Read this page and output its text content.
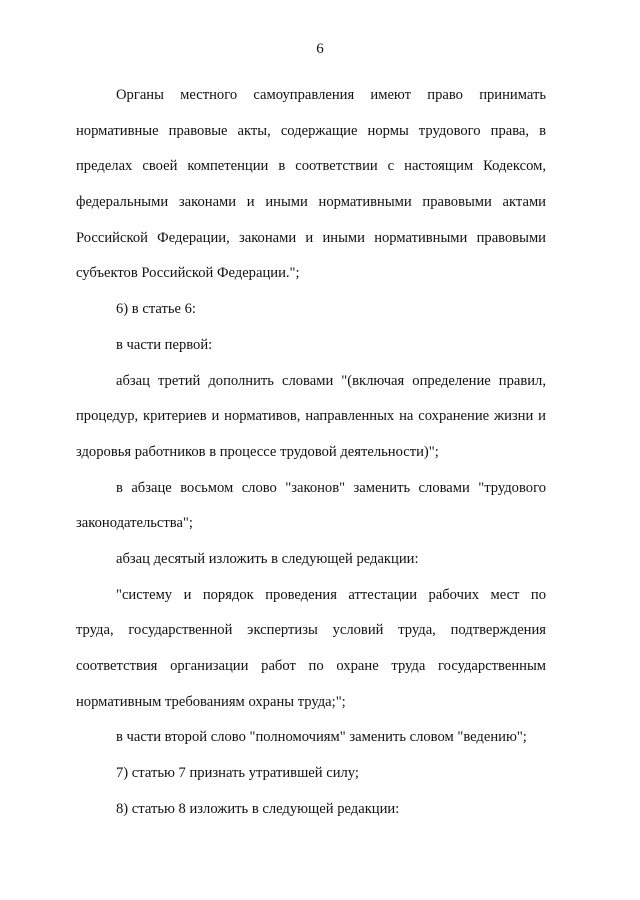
6
Органы местного самоуправления имеют право принимать
нормативные правовые акты, содержащие нормы трудового права, в
пределах своей компетенции в соответствии с настоящим Кодексом,
федеральными законами и иными нормативными правовыми актами
Российской Федерации, законами и иными нормативными правовыми
субъектов Российской Федерации.";
6) в статье 6:
в части первой:
абзац третий дополнить словами "(включая определение правил,
процедур, критериев и нормативов, направленных на сохранение жизни и
здоровья работников в процессе трудовой деятельности)";
в абзаце восьмом слово "законов" заменить словами "трудового
законодательства";
абзац десятый изложить в следующей редакции:
"систему и порядок проведения аттестации рабочих мест по
труда, государственной экспертизы условий труда, подтверждения
соответствия организации работ по охране труда государственным
нормативным требованиям охраны труда;";
в части второй слово "полномочиям" заменить словом "ведению";
7) статью 7 признать утратившей силу;
8) статью 8 изложить в следующей редакции:
